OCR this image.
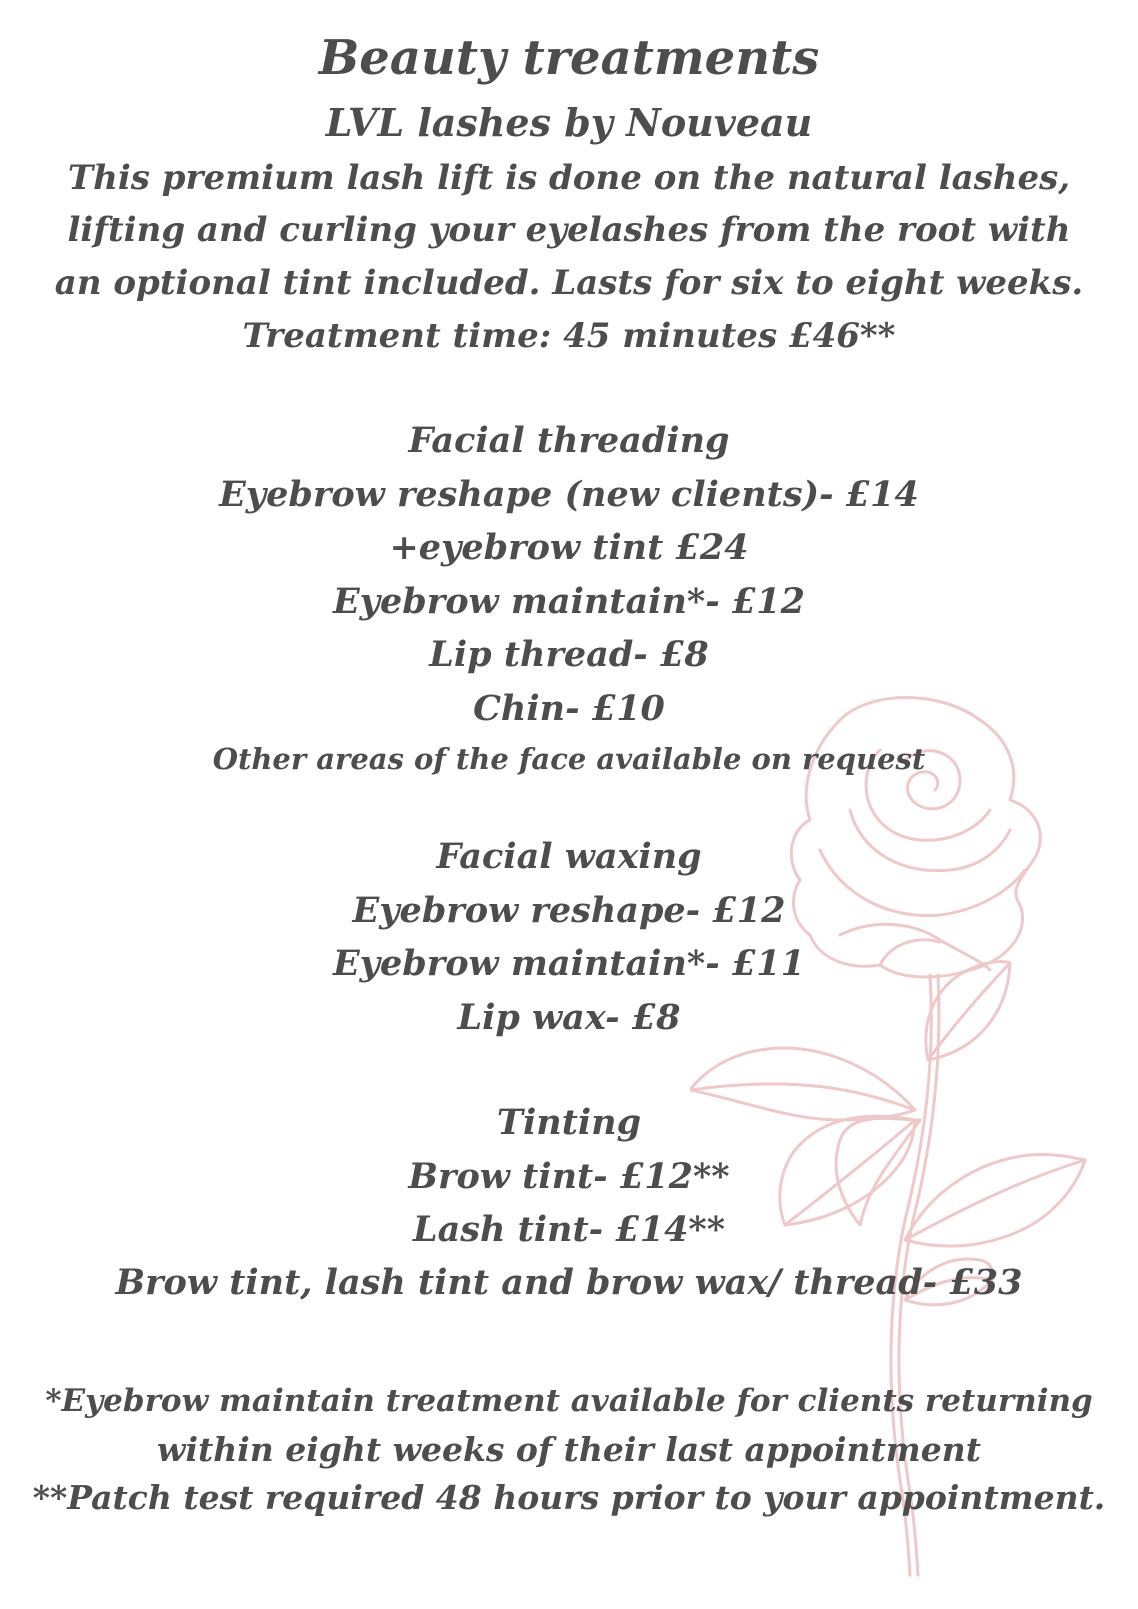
Beauty treatments

LVL lashes by Nouveau

This premium lash lift is done on the natural lashes,

lifting and curling your eyelashes from the root with

an optional tint included. Lasts for six to eight weeks.

Treatment time: 45 minutes £46**

Facial threading

Eyebrow reshape (new clients)- £14

+eyebrow tint £24

Eyebrow maintain*- £12

Lip thread- £8

Chin- £10

Other areas of the face available on request

Facial waxing

Eyebrow reshape- £12

Eyebrow maintain*- £11

Lip wax- £8

Tinting

Brow tint- £12**

Lash tint- £14**

Brow tint, lash tint and brow wax/ thread- £33

*Eyebrow maintain treatment available for clients returning

within eight weeks of their last appointment

**Patch test required 48 hours prior to your appointment.
